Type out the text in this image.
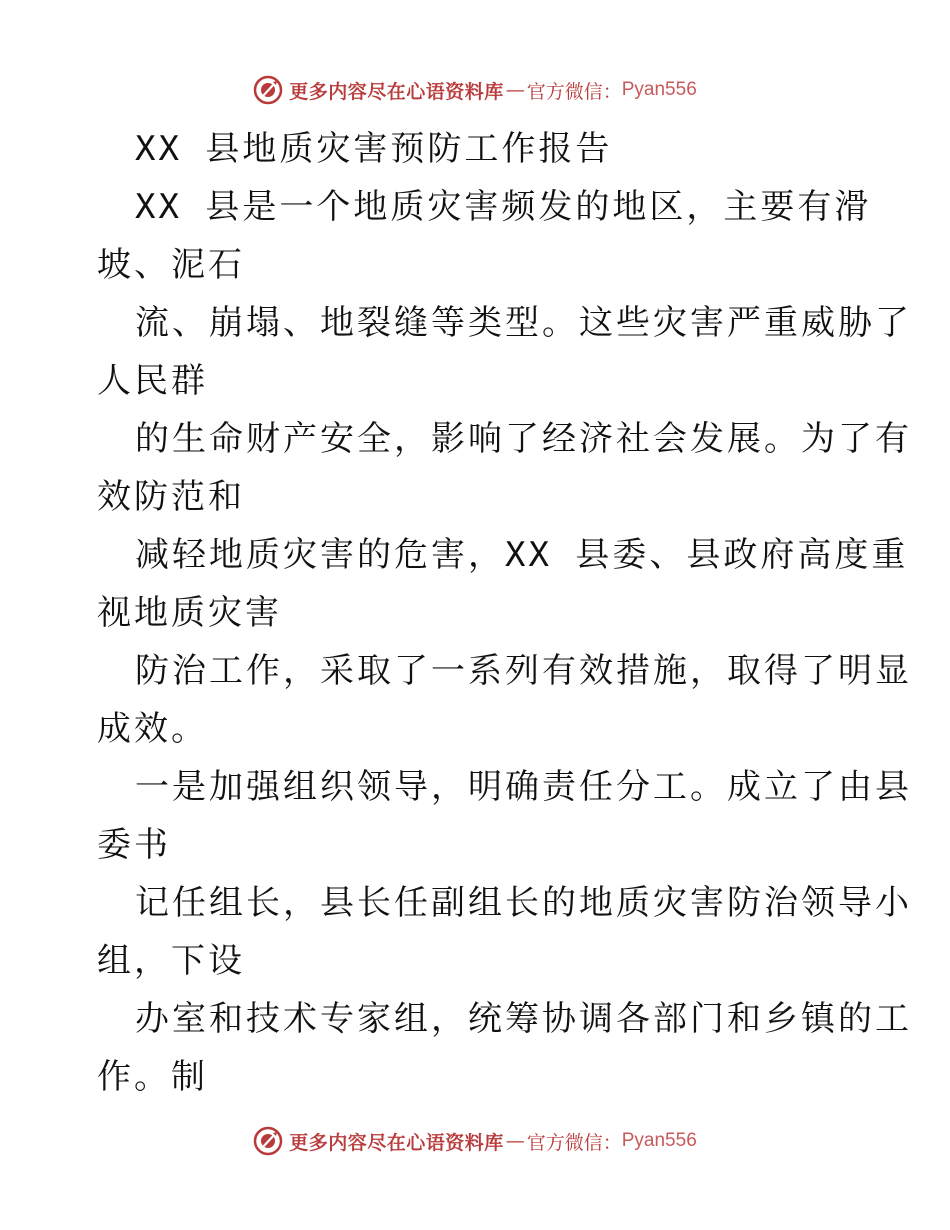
更多内容尽在心语资料库 — 官方微信： Pyan556
XX 县地质灾害预防工作报告
XX 县是一个地质灾害频发的地区，主要有滑
坡、泥石
流、崩塌、地裂缝等类型。这些灾害严重威胁了
人民群
的生命财产安全，影响了经济社会发展。为了有
效防范和
减轻地质灾害的危害，XX 县委、县政府高度重
视地质灾害
防治工作，采取了一系列有效措施，取得了明显
成效。
一是加强组织领导，明确责任分工。成立了由县
委书
记任组长，县长任副组长的地质灾害防治领导小
组，下设
办室和技术专家组，统筹协调各部门和乡镇的工
作。制
更多内容尽在心语资料库 — 官方微信： Pyan556
